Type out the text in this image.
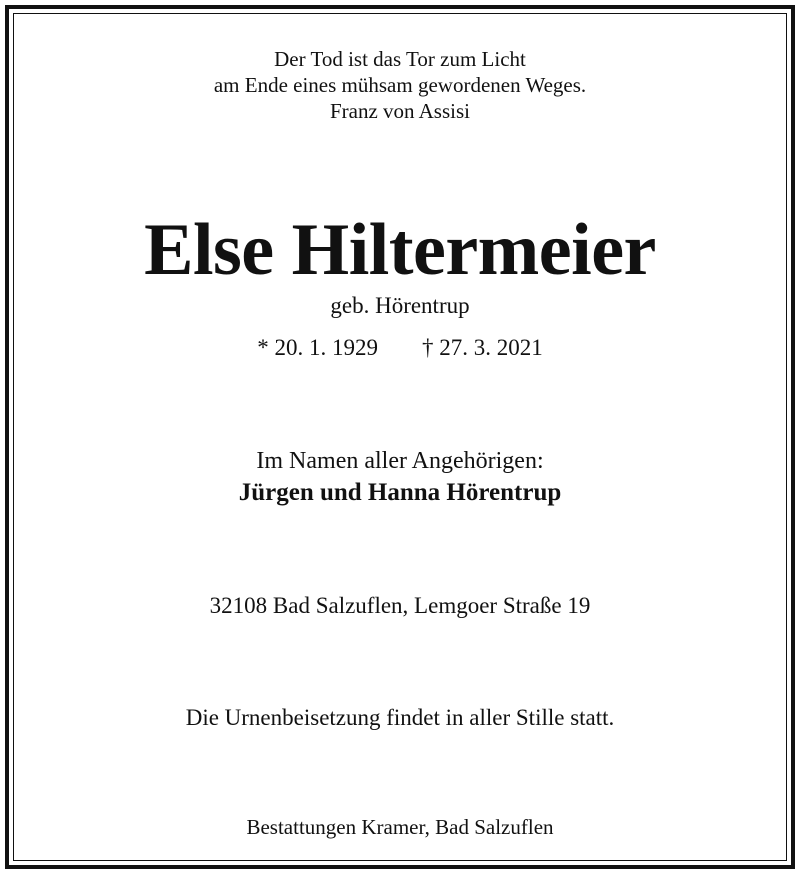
Der Tod ist das Tor zum Licht
am Ende eines mühsam gewordenen Weges.
Franz von Assisi
Else Hiltermeier
geb. Hörentrup
* 20. 1. 1929 † 27. 3. 2021
Im Namen aller Angehörigen:
Jürgen und Hanna Hörentrup
32108 Bad Salzuflen, Lemgoer Straße 19
Die Urnenbeisetzung findet in aller Stille statt.
Bestattungen Kramer, Bad Salzuflen
